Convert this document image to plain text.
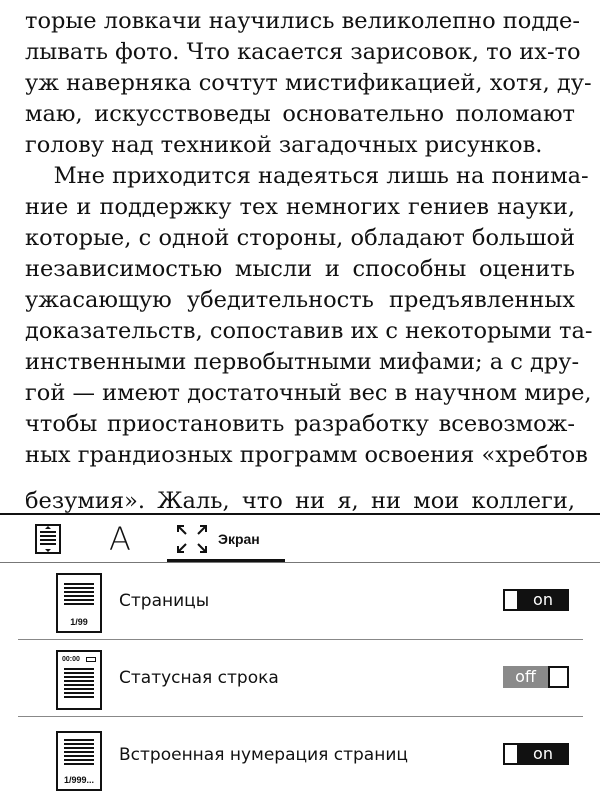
торые ловкачи научились великолепно подде-
лывать фото. Что касается зарисовок, то их-то
уж наверняка сочтут мистификацией, хотя, ду-
маю, искусствоведы основательно поломают
голову над техникой загадочных рисунков.
Мне приходится надеяться лишь на понима-
ние и поддержку тех немногих гениев науки,
которые, с одной стороны, обладают большой
независимостью мысли и способны оценить
ужасающую убедительность предъявленных
доказательств, сопоставив их с некоторыми та-
инственными первобытными мифами; а с дру-
гой — имеют достаточный вес в научном мире,
чтобы приостановить разработку всевозмож-
ных грандиозных программ освоения «хребтов
безумия». Жаль, что ни я, ни мои коллеги,
A	Экран
1/99
Страницы	on
00:00
Статусная строка	off
1/999...
Встроенная нумерация страниц	on
